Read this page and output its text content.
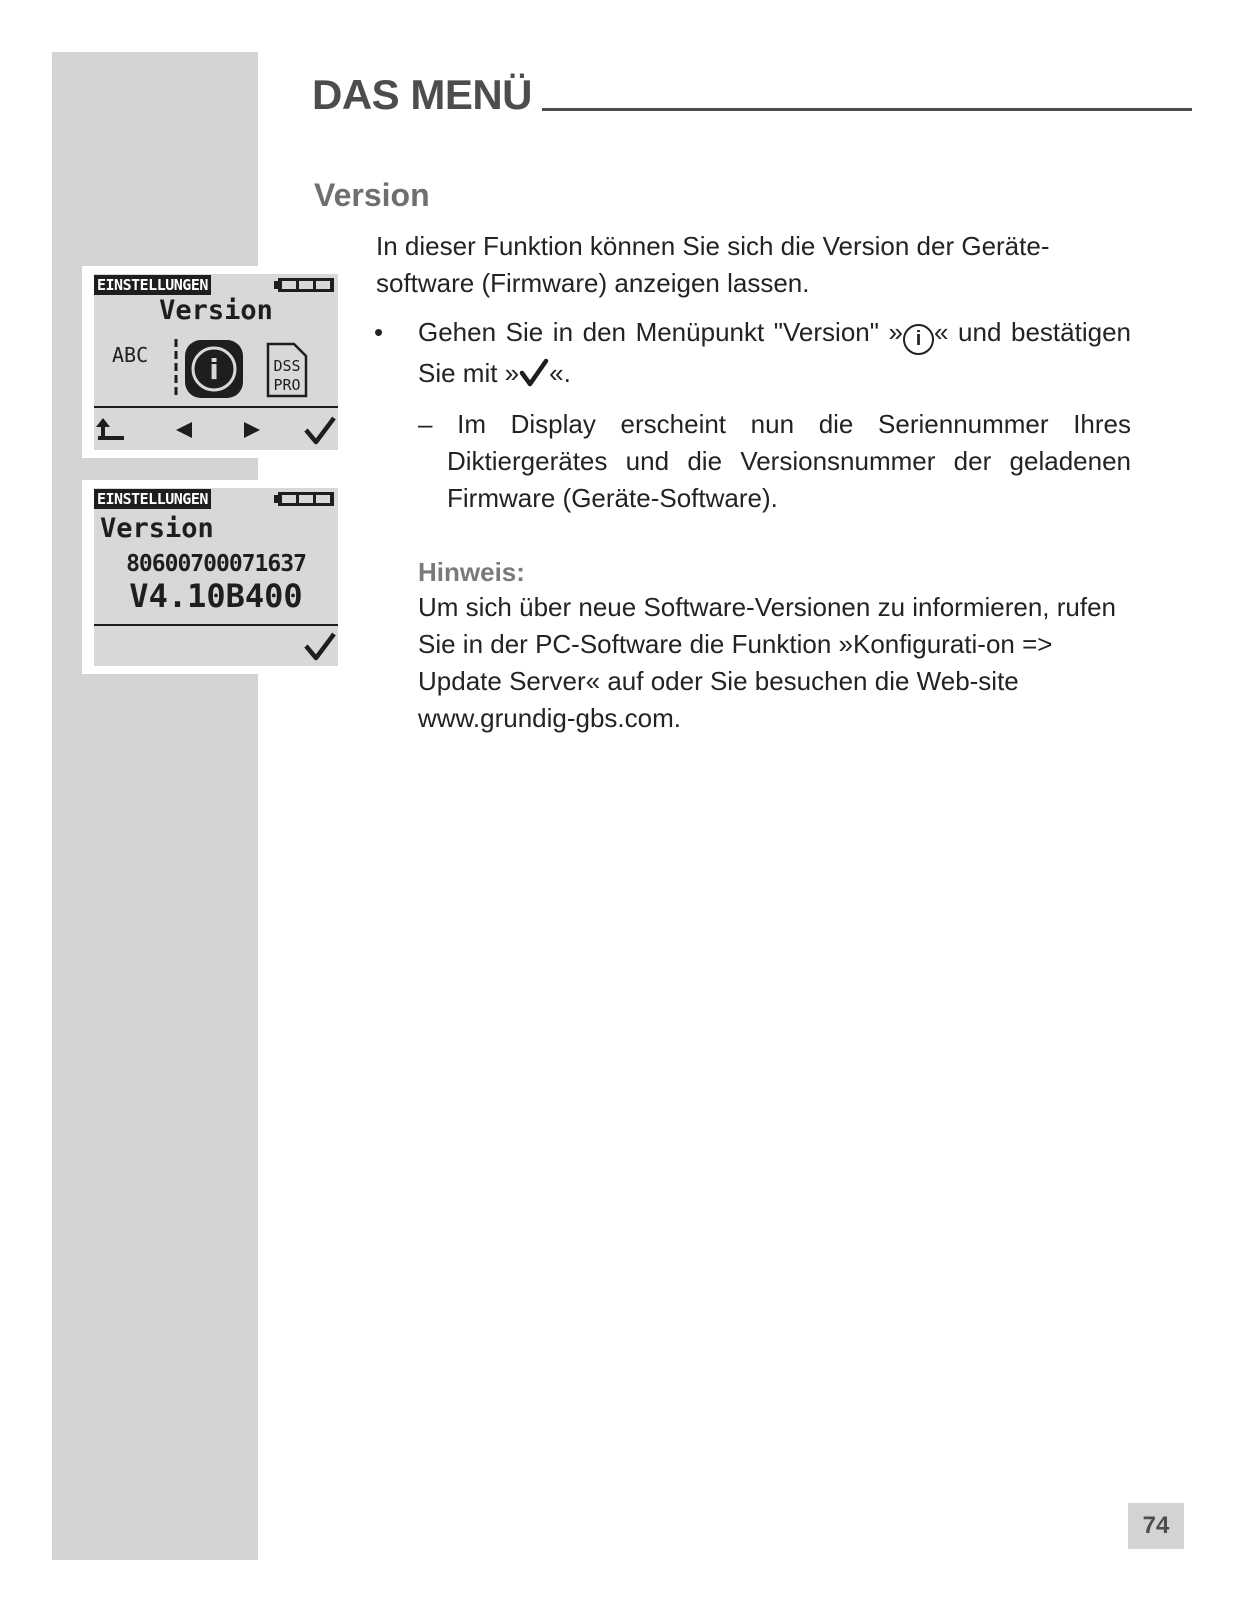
DAS MENÜ
Version
In dieser Funktion können Sie sich die Version der Geräte-software (Firmware) anzeigen lassen.
• Gehen Sie in den Menüpunkt "Version" » i « und bestätigen Sie mit » «.
– Im Display erscheint nun die Seriennummer Ihres Diktiergerätes und die Versionsnummer der geladenen Firmware (Geräte-Software).
Hinweis:
Um sich über neue Software-Versionen zu informieren, rufen Sie in der PC-Software die Funktion »Konfigurati-on => Update Server« auf oder Sie besuchen die Web-site www.grundig-gbs.com.
EINSTELLUNGEN
Version
ABC i	DSS
PRO
EINSTELLUNGEN
Version
80600700071637
V4.10B400
74
